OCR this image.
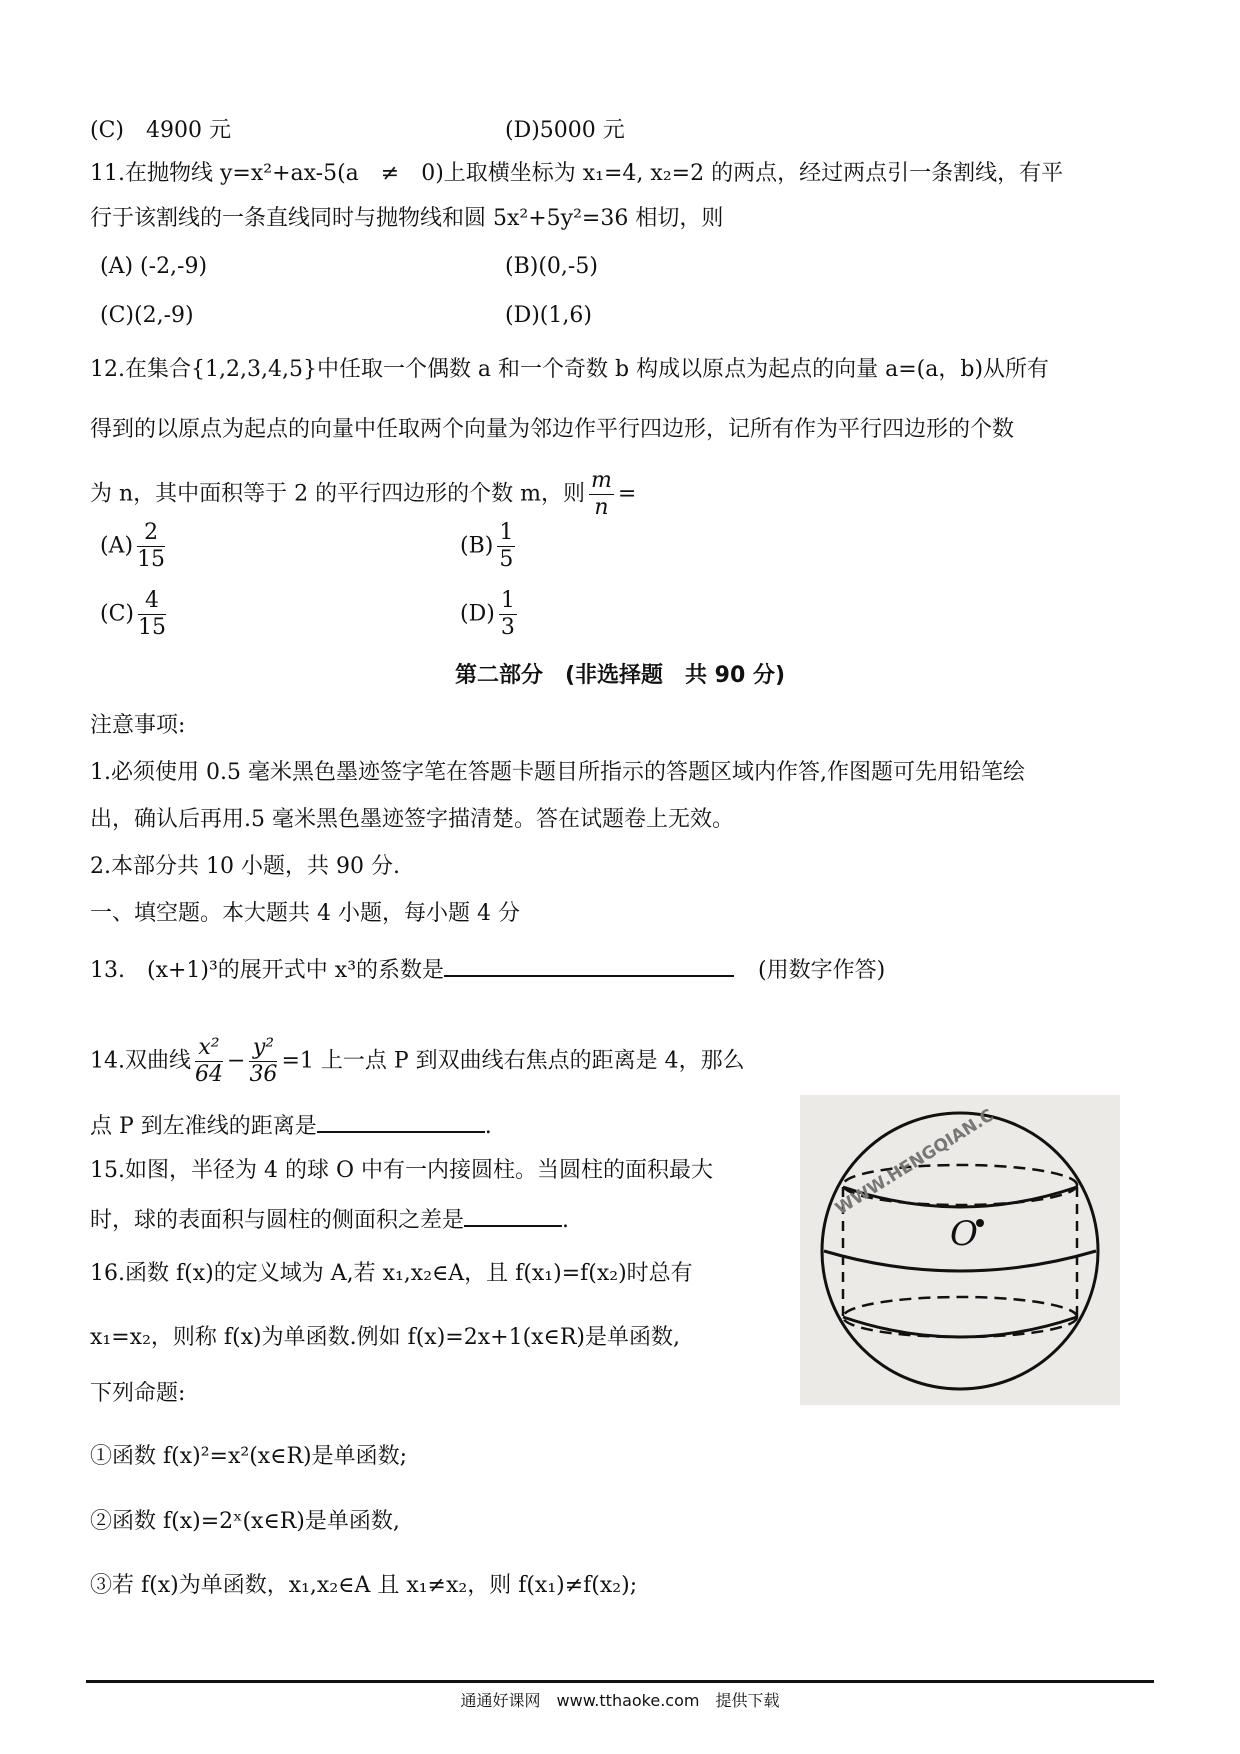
(C)　4900 元	(D)5000 元
11.在抛物线 y=x²+ax-5(a　≠　0)上取横坐标为 x₁=4, x₂=2 的两点，经过两点引一条割线，有平
行于该割线的一条直线同时与抛物线和圆 5x²+5y²=36 相切，则
(A) (-2,-9)	(B)(0,-5)
(C)(2,-9)	(D)(1,6)
12.在集合{1,2,3,4,5}中任取一个偶数 a 和一个奇数 b 构成以原点为起点的向量 a=(a，b)从所有
得到的以原点为起点的向量中任取两个向量为邻边作平行四边形，记所有作为平行四边形的个数
为 n，其中面积等于 2 的平行四边形的个数 m，则 $\frac{m}{n}$ =
$(A) \frac{2}{15}$	$(B) \frac{1}{5}$
$(C) \frac{4}{15}$	$(D) \frac{1}{3}$
第二部分　(非选择题　共 90 分)
注意事项:
1.必须使用 0.5 毫米黑色墨迹签字笔在答题卡题目所指示的答题区域内作答,作图题可先用铅笔绘
出，确认后再用.5 毫米黑色墨迹签字描清楚。答在试题卷上无效。
2.本部分共 10 小题，共 90 分.
一、填空题。本大题共 4 小题，每小题 4 分
13.　(x+1)³的展开式中 x³的系数是	(用数字作答)
14.双曲线 $\frac{\text{x²}}{64} - \frac{\text{y²}}{36} =1$ 上一点 P 到双曲线右焦点的距离是 4，那么
点 P 到左准线的距离是	.
15.如图，半径为 4 的球 O 中有一内接圆柱。当圆柱的面积最大
时，球的表面积与圆柱的侧面积之差是	.	O
WWW.HENGQIAN.C
16.函数 f(x)的定义域为 A,若 x₁,x₂∈A，且 f(x₁)=f(x₂)时总有
x₁=x₂，则称 f(x)为单函数.例如 f(x)=2x+1(x∈R)是单函数,
下列命题:
①函数 f(x)²=x²(x∈R)是单函数;
②函数 f(x)=2ˣ(x∈R)是单函数,
③若 f(x)为单函数，x₁,x₂∈A 且 x₁≠x₂，则 f(x₁)≠f(x₂);
通通好课网　www.tthaoke.com　提供下载
